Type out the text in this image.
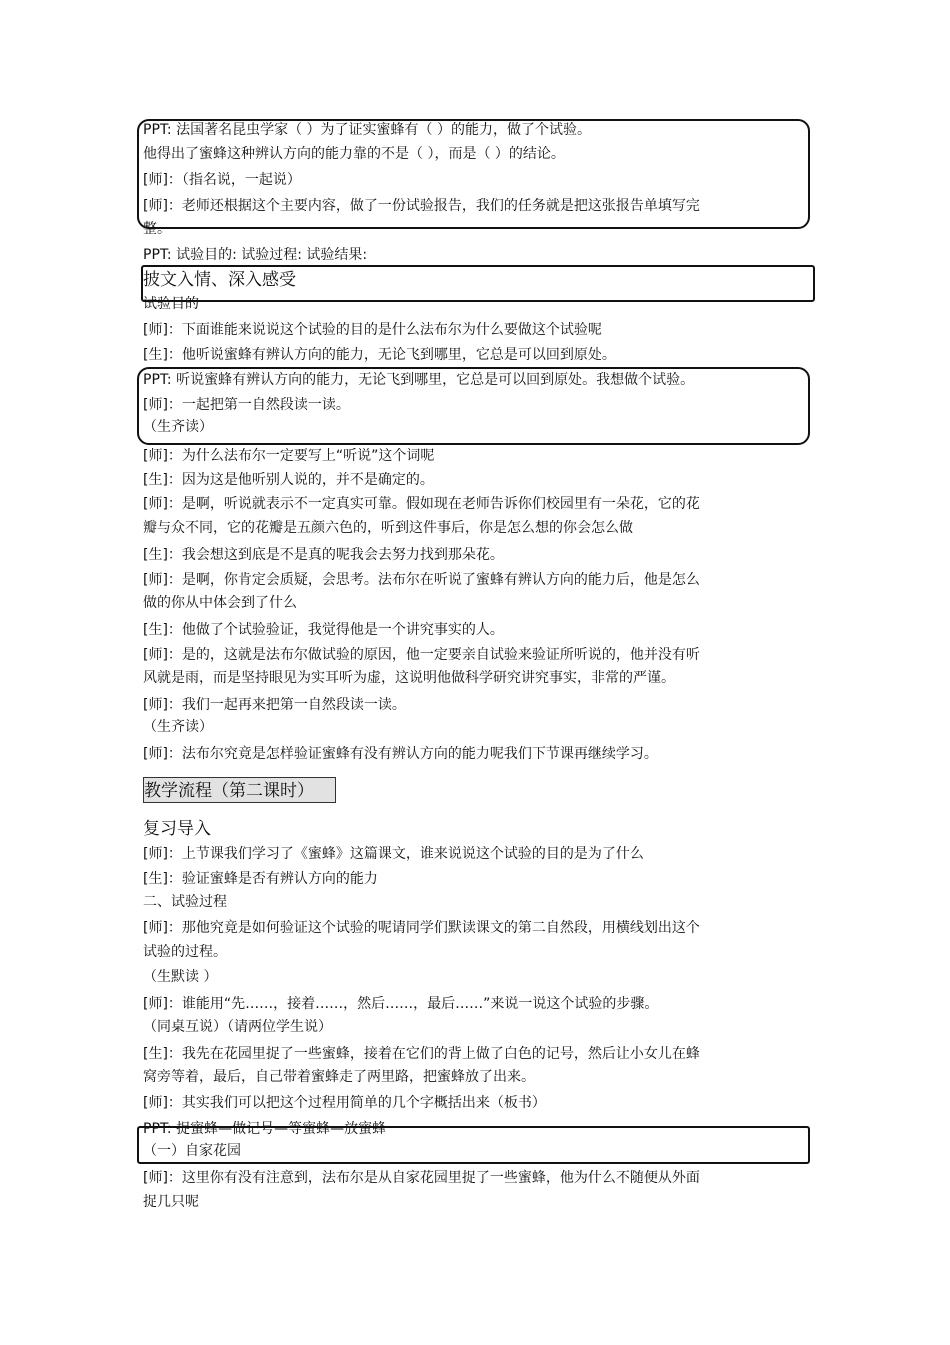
PPT: 法国著名昆虫学家（ ）为了证实蜜蜂有（ ）的能力，做了个试验。
他得出了蜜蜂这种辨认方向的能力靠的不是（ ），而是（ ）的结论。
[师]：（指名说，一起说）
[师]：老师还根据这个主要内容，做了一份试验报告，我们的任务就是把这张报告单填写完
整。
PPT: 试验目的: 试验过程: 试验结果:
披文入情、深入感受
试验目的
[师]：下面谁能来说说这个试验的目的是什么法布尔为什么要做这个试验呢
[生]：他听说蜜蜂有辨认方向的能力，无论飞到哪里，它总是可以回到原处。
PPT: 听说蜜蜂有辨认方向的能力，无论飞到哪里，它总是可以回到原处。我想做个试验。
[师]：一起把第一自然段读一读。
（生齐读）
[师]：为什么法布尔一定要写上“听说”这个词呢
[生]：因为这是他听别人说的，并不是确定的。
[师]：是啊，听说就表示不一定真实可靠。假如现在老师告诉你们校园里有一朵花，它的花
瓣与众不同，它的花瓣是五颜六色的，听到这件事后，你是怎么想的你会怎么做
[生]：我会想这到底是不是真的呢我会去努力找到那朵花。
[师]：是啊，你肯定会质疑，会思考。法布尔在听说了蜜蜂有辨认方向的能力后，他是怎么
做的你从中体会到了什么
[生]：他做了个试验验证，我觉得他是一个讲究事实的人。
[师]：是的，这就是法布尔做试验的原因，他一定要亲自试验来验证所听说的，他并没有听
风就是雨，而是坚持眼见为实耳听为虚，这说明他做科学研究讲究事实，非常的严谨。
[师]：我们一起再来把第一自然段读一读。
（生齐读）
[师]：法布尔究竟是怎样验证蜜蜂有没有辨认方向的能力呢我们下节课再继续学习。
教学流程（第二课时）
复习导入
[师]：上节课我们学习了《蜜蜂》这篇课文，谁来说说这个试验的目的是为了什么
[生]：验证蜜蜂是否有辨认方向的能力
二、试验过程
[师]：那他究竟是如何验证这个试验的呢请同学们默读课文的第二自然段，用横线划出这个
试验的过程。
（生默读 ）
[师]：谁能用“先……，接着……，然后……，最后……”来说一说这个试验的步骤。
（同桌互说）（请两位学生说）
[生]：我先在花园里捉了一些蜜蜂，接着在它们的背上做了白色的记号，然后让小女儿在蜂
窝旁等着，最后，自己带着蜜蜂走了两里路，把蜜蜂放了出来。
[师]：其实我们可以把这个过程用简单的几个字概括出来（板书）
PPT: 捉蜜蜂—做记号—等蜜蜂—放蜜蜂
（一）自家花园
[师]：这里你有没有注意到，法布尔是从自家花园里捉了一些蜜蜂，他为什么不随便从外面
捉几只呢
